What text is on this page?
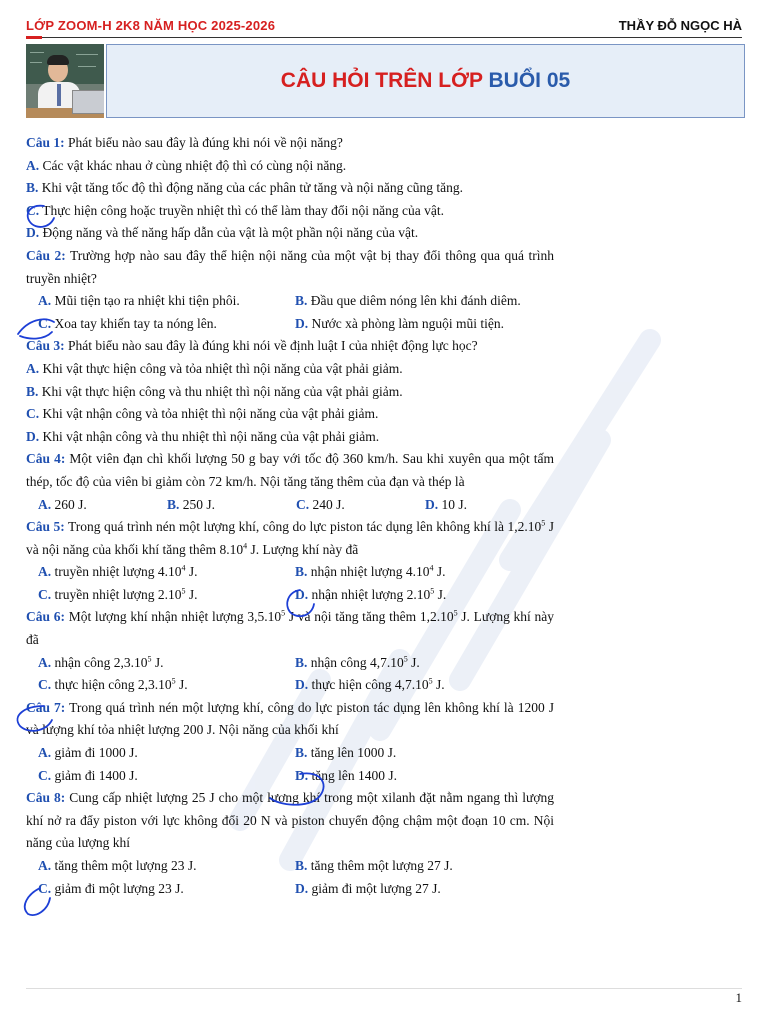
LỚP ZOOM-H 2K8 NĂM HỌC 2025-2026	THẦY ĐỖ NGỌC HÀ
CÂU HỎI TRÊN LỚP BUỔI 05

Câu 1: Phát biểu nào sau đây là đúng khi nói về nội năng?

A. Các vật khác nhau ở cùng nhiệt độ thì có cùng nội năng.

B. Khi vật tăng tốc độ thì động năng của các phân tử tăng và nội năng cũng tăng.

C. Thực hiện công hoặc truyền nhiệt thì có thể làm thay đổi nội năng của vật.

D. Động năng và thế năng hấp dẫn của vật là một phần nội năng của vật.

Câu 2: Trường hợp nào sau đây thể hiện nội năng của một vật bị thay đổi thông qua quá trình truyền nhiệt?

A. Mũi tiện tạo ra nhiệt khi tiện phôi.	B. Đầu que diêm nóng lên khi đánh diêm.
C. Xoa tay khiến tay ta nóng lên.	D. Nước xà phòng làm nguội mũi tiện.

Câu 3: Phát biểu nào sau đây là đúng khi nói về định luật I của nhiệt động lực học?

A. Khi vật thực hiện công và tỏa nhiệt thì nội năng của vật phải giảm.

B. Khi vật thực hiện công và thu nhiệt thì nội năng của vật phải giảm.

C. Khi vật nhận công và tỏa nhiệt thì nội năng của vật phải giảm.

D. Khi vật nhận công và thu nhiệt thì nội năng của vật phải giảm.

Câu 4: Một viên đạn chì khối lượng 50 g bay với tốc độ 360 km/h. Sau khi xuyên qua một tấm thép, tốc độ của viên bi giảm còn 72 km/h. Nội tăng tăng thêm của đạn và thép là

A. 260 J.	B. 250 J.	C. 240 J.	D. 10 J.

Câu 5: Trong quá trình nén một lượng khí, công do lực piston tác dụng lên không khí là 1,2.10$^5$ J và nội năng của khối khí tăng thêm 8.10$^4$ J. Lượng khí này đã

A. truyền nhiệt lượng 4.10$^4$ J.	B. nhận nhiệt lượng 4.10$^4$ J.
C. truyền nhiệt lượng 2.10$^5$ J.	D. nhận nhiệt lượng 2.10$^5$ J.

Câu 6: Một lượng khí nhận nhiệt lượng 3,5.10$^5$ J và nội tăng tăng thêm 1,2.10$^5$ J. Lượng khí này đã

A. nhận công 2,3.10$^5$ J.	B. nhận công 4,7.10$^5$ J.
C. thực hiện công 2,3.10$^5$ J.	D. thực hiện công 4,7.10$^5$ J.

Câu 7: Trong quá trình nén một lượng khí, công do lực piston tác dụng lên không khí là 1200 J và lượng khí tỏa nhiệt lượng 200 J. Nội năng của khối khí

A. giảm đi 1000 J.	B. tăng lên 1000 J.
C. giảm đi 1400 J.	D. tăng lên 1400 J.

Câu 8: Cung cấp nhiệt lượng 25 J cho một lượng khí trong một xilanh đặt nằm ngang thì lượng khí nở ra đẩy piston với lực không đổi 20 N và piston chuyển động chậm một đoạn 10 cm. Nội năng của lượng khí

A. tăng thêm một lượng 23 J.	B. tăng thêm một lượng 27 J.
C. giảm đi một lượng 23 J.	D. giảm đi một lượng 27 J.
1
